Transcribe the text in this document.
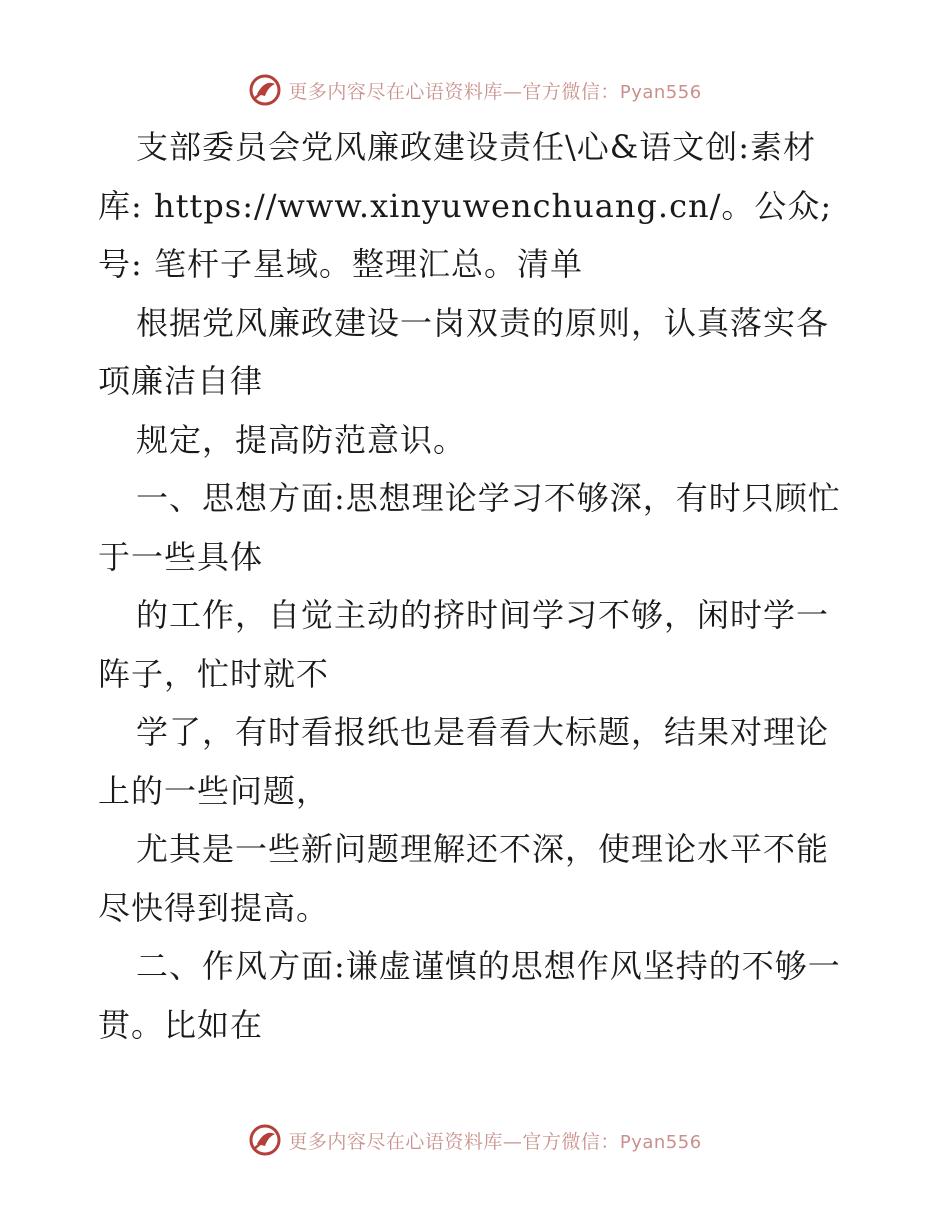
更多内容尽在心语资料库—官方微信：Pyan556

支部委员会党风廉政建设责任\心&语文创:素材库: https://www.xinyuwenchuang.cn/。公众;号: 笔杆子星域。整理汇总。清单

根据党风廉政建设一岗双责的原则，认真落实各项廉洁自律

规定，提高防范意识。

一、思想方面:思想理论学习不够深，有时只顾忙于一些具体

的工作，自觉主动的挤时间学习不够，闲时学一阵子，忙时就不

学了，有时看报纸也是看看大标题，结果对理论上的一些问题，

尤其是一些新问题理解还不深，使理论水平不能尽快得到提高。

二、作风方面:谦虚谨慎的思想作风坚持的不够一贯。比如在

更多内容尽在心语资料库—官方微信：Pyan556
